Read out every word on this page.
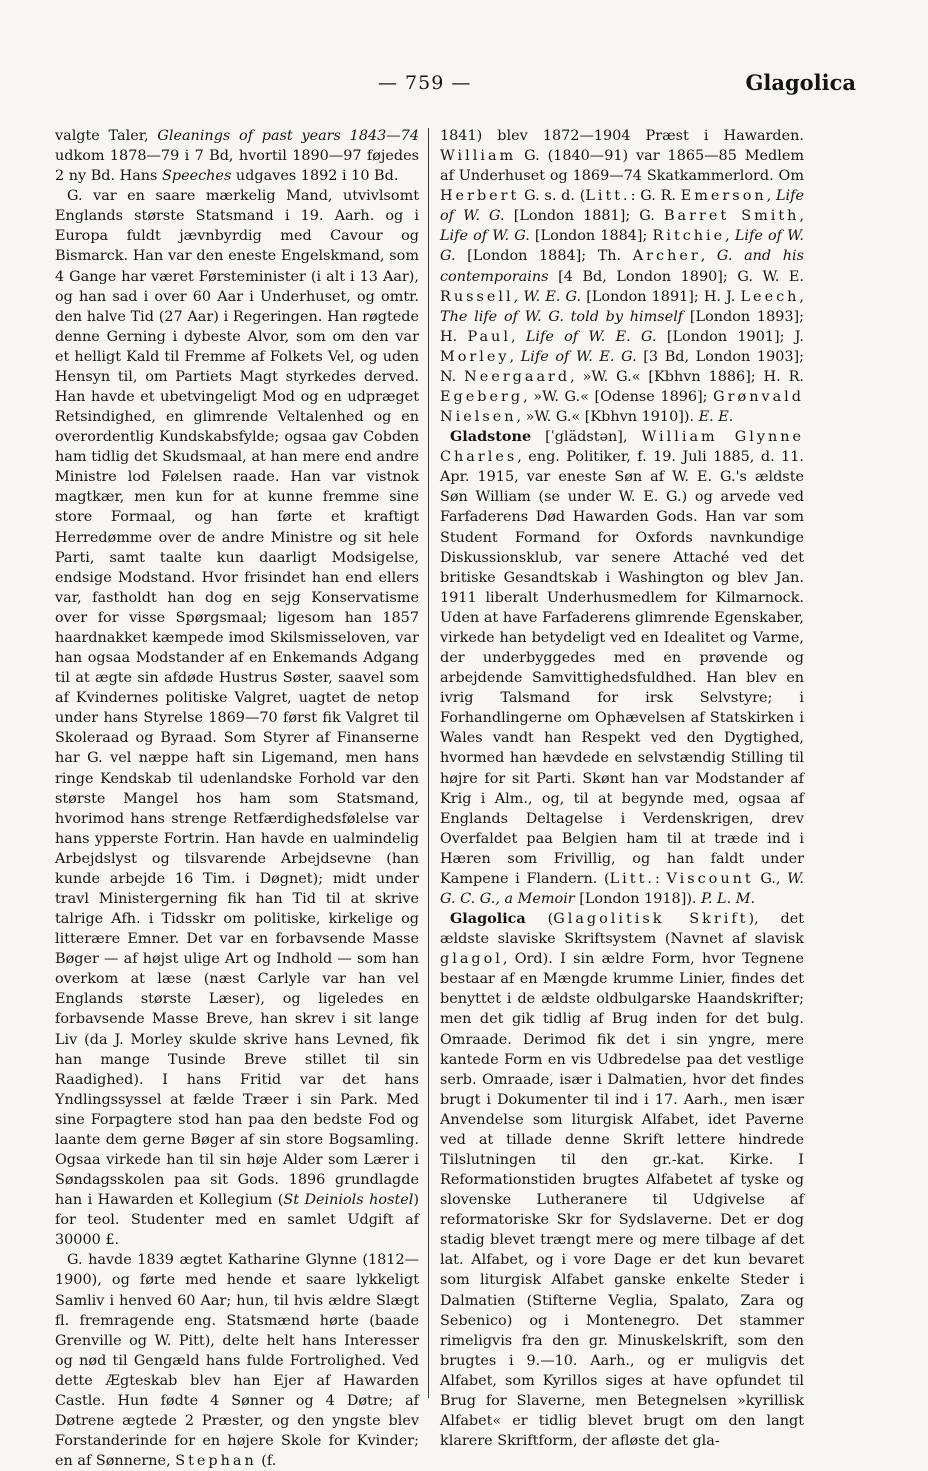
— 759 —	Glagolica

valgte Taler, Gleanings of past years 1843—74 udkom 1878—79 i 7 Bd, hvortil 1890—97 føjedes 2 ny Bd. Hans Speeches udgaves 1892 i 10 Bd.

G. var en saare mærkelig Mand, utvivlsomt Englands største Statsmand i 19. Aarh. og i Europa fuldt jævnbyrdig med Cavour og Bismarck. Han var den eneste Engelskmand, som 4 Gange har været Førsteminister (i alt i 13 Aar), og han sad i over 60 Aar i Underhuset, og omtr. den halve Tid (27 Aar) i Regeringen. Han røgtede denne Gerning i dybeste Alvor, som om den var et helligt Kald til Fremme af Folkets Vel, og uden Hensyn til, om Partiets Magt styrkedes derved. Han havde et ubetvingeligt Mod og en udpræget Retsindighed, en glimrende Veltalenhed og en overordentlig Kundskabsfylde; ogsaa gav Cobden ham tidlig det Skudsmaal, at han mere end andre Ministre lod Følelsen raade. Han var vistnok magtkær, men kun for at kunne fremme sine store Formaal, og han førte et kraftigt Herredømme over de andre Ministre og sit hele Parti, samt taalte kun daarligt Modsigelse, endsige Modstand. Hvor frisindet han end ellers var, fastholdt han dog en sejg Konservatisme over for visse Spørgsmaal; ligesom han 1857 haardnakket kæmpede imod Skilsmisseloven, var han ogsaa Modstander af en Enkemands Adgang til at ægte sin afdøde Hustrus Søster, saavel som af Kvindernes politiske Valgret, uagtet de netop under hans Styrelse 1869—70 først fik Valgret til Skoleraad og Byraad. Som Styrer af Finanserne har G. vel næppe haft sin Ligemand, men hans ringe Kendskab til udenlandske Forhold var den største Mangel hos ham som Statsmand, hvorimod hans strenge Retfærdighedsfølelse var hans ypperste Fortrin. Han havde en ualmindelig Arbejdslyst og tilsvarende Arbejdsevne (han kunde arbejde 16 Tim. i Døgnet); midt under travl Ministergerning fik han Tid til at skrive talrige Afh. i Tidsskr om politiske, kirkelige og litterære Emner. Det var en forbavsende Masse Bøger — af højst ulige Art og Indhold — som han overkom at læse (næst Carlyle var han vel Englands største Læser), og ligeledes en forbavsende Masse Breve, han skrev i sit lange Liv (da J. Morley skulde skrive hans Levned, fik han mange Tusinde Breve stillet til sin Raadighed). I hans Fritid var det hans Yndlingssyssel at fælde Træer i sin Park. Med sine Forpagtere stod han paa den bedste Fod og laante dem gerne Bøger af sin store Bogsamling. Ogsaa virkede han til sin høje Alder som Lærer i Søndagsskolen paa sit Gods. 1896 grundlagde han i Hawarden et Kollegium (St Deiniols hostel) for teol. Studenter med en samlet Udgift af 30000 £.

G. havde 1839 ægtet Katharine Glynne (1812—1900), og førte med hende et saare lykkeligt Samliv i henved 60 Aar; hun, til hvis ældre Slægt fl. fremragende eng. Statsmænd hørte (baade Grenville og W. Pitt), delte helt hans Interesser og nød til Gengæld hans fulde Fortrolighed. Ved dette Ægteskab blev han Ejer af Hawarden Castle. Hun fødte 4 Sønner og 4 Døtre; af Døtrene ægtede 2 Præster, og den yngste blev Forstanderinde for en højere Skole for Kvinder; en af Sønnerne, Stephan (f.

1841) blev 1872—1904 Præst i Hawarden. William G. (1840—91) var 1865—85 Medlem af Underhuset og 1869—74 Skatkammerlord. Om Herbert G. s. d. (Litt.: G. R. Emerson, Life of W. G. [London 1881]; G. Barret Smith, Life of W. G. [London 1884]; Ritchie, Life of W. G. [London 1884]; Th. Archer, G. and his contemporains [4 Bd, London 1890]; G. W. E. Russell, W. E. G. [London 1891]; H. J. Leech, The life of W. G. told by himself [London 1893]; H. Paul, Life of W. E. G. [London 1901]; J. Morley, Life of W. E. G. [3 Bd, London 1903]; N. Neergaard, »W. G.« [Kbhvn 1886]; H. R. Egeberg, »W. G.« [Odense 1896]; Grønvald Nielsen, »W. G.« [Kbhvn 1910]). E. E.

Gladstone [ˈglädstən], William Glynne Charles, eng. Politiker, f. 19. Juli 1885, d. 11. Apr. 1915, var eneste Søn af W. E. G.'s ældste Søn William (se under W. E. G.) og arvede ved Farfaderens Død Hawarden Gods. Han var som Student Formand for Oxfords navnkundige Diskussionsklub, var senere Attaché ved det britiske Gesandtskab i Washington og blev Jan. 1911 liberalt Underhusmedlem for Kilmarnock. Uden at have Farfaderens glimrende Egenskaber, virkede han betydeligt ved en Idealitet og Varme, der underbyggedes med en prøvende og arbejdende Samvittighedsfuldhed. Han blev en ivrig Talsmand for irsk Selvstyre; i Forhandlingerne om Ophævelsen af Statskirken i Wales vandt han Respekt ved den Dygtighed, hvormed han hævdede en selvstændig Stilling til højre for sit Parti. Skønt han var Modstander af Krig i Alm., og, til at begynde med, ogsaa af Englands Deltagelse i Verdenskrigen, drev Overfaldet paa Belgien ham til at træde ind i Hæren som Frivillig, og han faldt under Kampene i Flandern. (Litt.: Viscount G., W. G. C. G., a Memoir [London 1918]). P. L. M.

Glagolica (Glagolitisk Skrift), det ældste slaviske Skriftsystem (Navnet af slavisk glagol, Ord). I sin ældre Form, hvor Tegnene bestaar af en Mængde krumme Linier, findes det benyttet i de ældste oldbulgarske Haandskrifter; men det gik tidlig af Brug inden for det bulg. Omraade. Derimod fik det i sin yngre, mere kantede Form en vis Udbredelse paa det vestlige serb. Omraade, især i Dalmatien, hvor det findes brugt i Dokumenter til ind i 17. Aarh., men især Anvendelse som liturgisk Alfabet, idet Paverne ved at tillade denne Skrift lettere hindrede Tilslutningen til den gr.-kat. Kirke. I Reformationstiden brugtes Alfabetet af tyske og slovenske Lutheranere til Udgivelse af reformatoriske Skr for Sydslaverne. Det er dog stadig blevet trængt mere og mere tilbage af det lat. Alfabet, og i vore Dage er det kun bevaret som liturgisk Alfabet ganske enkelte Steder i Dalmatien (Stifterne Veglia, Spalato, Zara og Sebenico) og i Montenegro. Det stammer rimeligvis fra den gr. Minuskelskrift, som den brugtes i 9.—10. Aarh., og er muligvis det Alfabet, som Kyrillos siges at have opfundet til Brug for Slaverne, men Betegnelsen »kyrillisk Alfabet« er tidlig blevet brugt om den langt klarere Skriftform, der afløste det gla-
